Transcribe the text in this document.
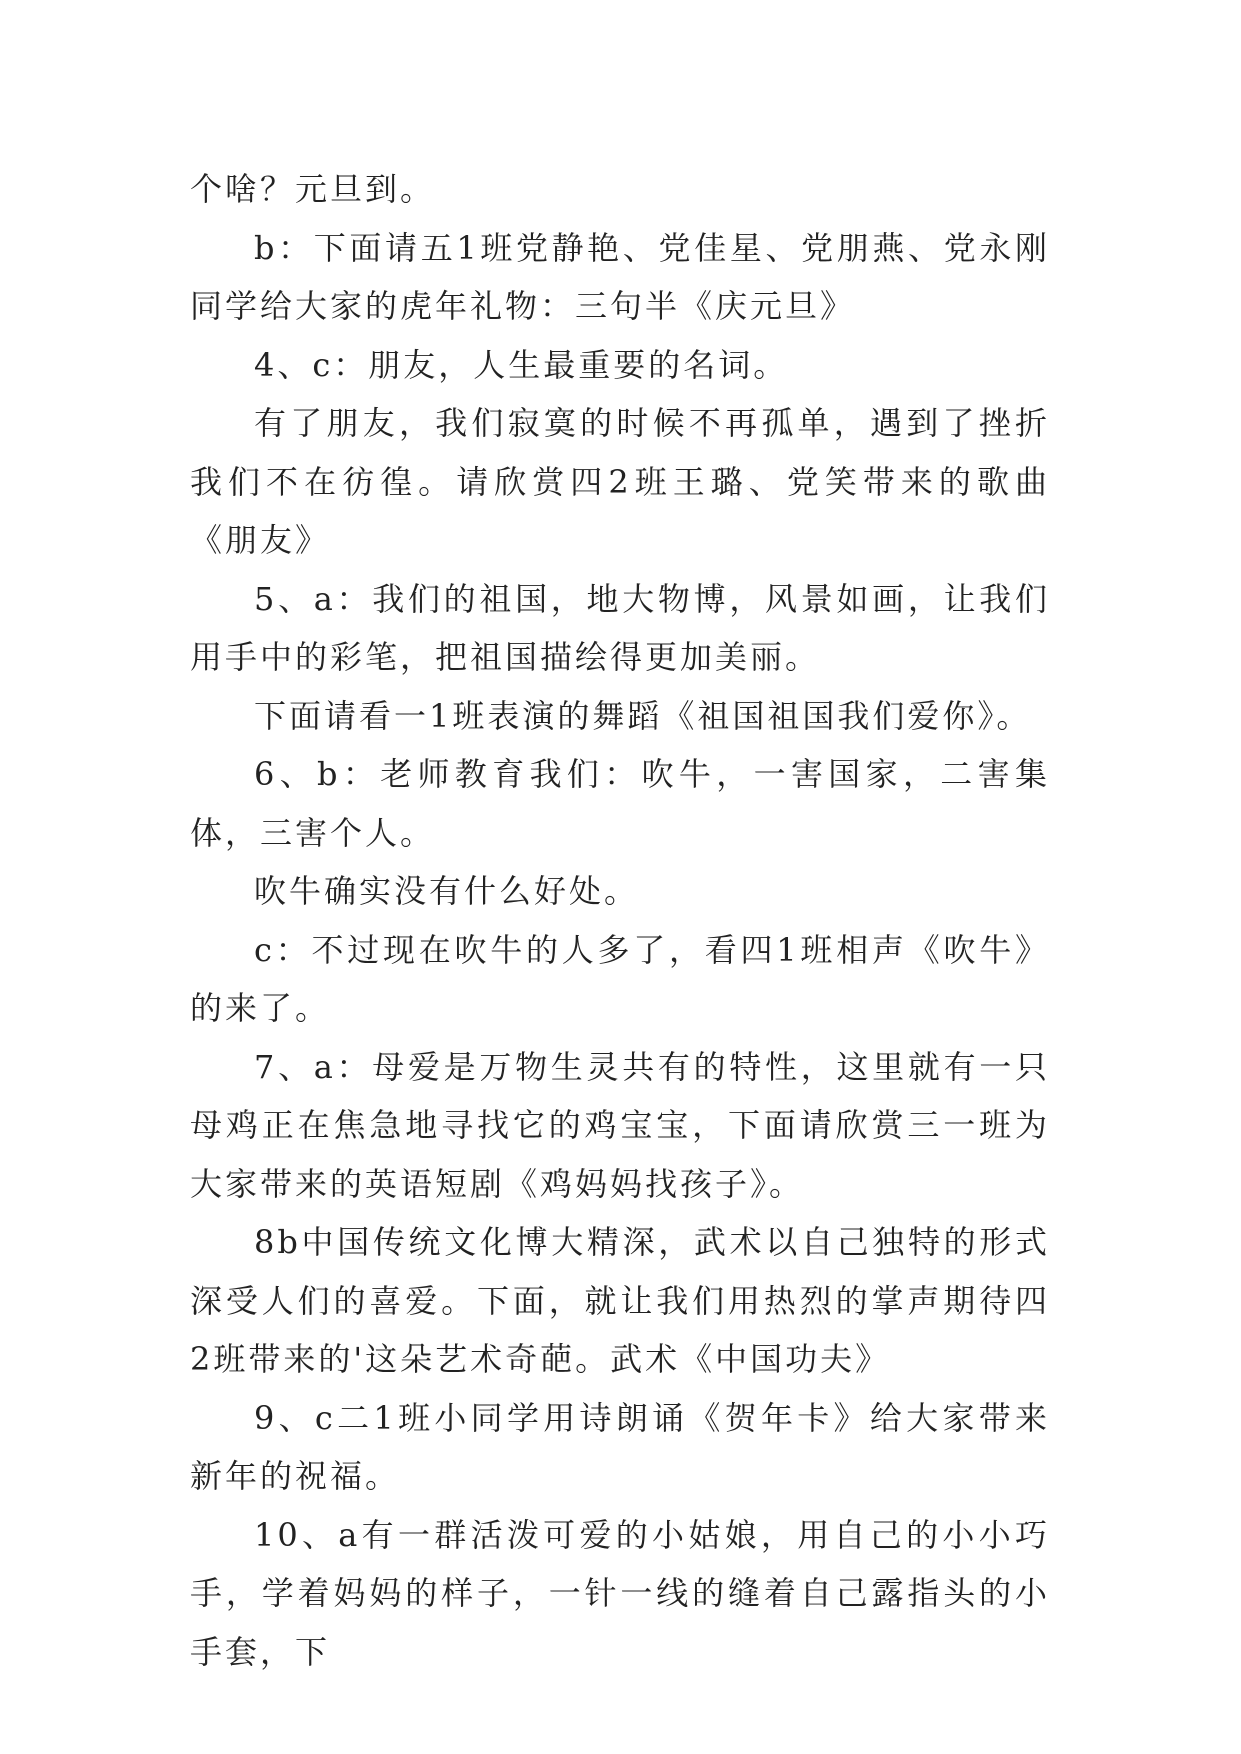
个啥？元旦到。

b：下面请五1班党静艳、党佳星、党朋燕、党永刚同学给大家的虎年礼物：三句半《庆元旦》

4、c：朋友，人生最重要的名词。

有了朋友，我们寂寞的时候不再孤单，遇到了挫折我们不在彷徨。请欣赏四2班王璐、党笑带来的歌曲《朋友》

5、a：我们的祖国，地大物博，风景如画，让我们用手中的彩笔，把祖国描绘得更加美丽。

下面请看一1班表演的舞蹈《祖国祖国我们爱你》。

6、b：老师教育我们：吹牛，一害国家，二害集体，三害个人。

吹牛确实没有什么好处。

c：不过现在吹牛的人多了，看四1班相声《吹牛》的来了。

7、a：母爱是万物生灵共有的特性，这里就有一只母鸡正在焦急地寻找它的鸡宝宝，下面请欣赏三一班为大家带来的英语短剧《鸡妈妈找孩子》。

8b中国传统文化博大精深，武术以自己独特的形式深受人们的喜爱。下面，就让我们用热烈的掌声期待四2班带来的'这朵艺术奇葩。武术《中国功夫》

9、c二1班小同学用诗朗诵《贺年卡》给大家带来新年的祝福。

10、a有一群活泼可爱的小姑娘，用自己的小小巧手，学着妈妈的样子，一针一线的缝着自己露指头的小手套，下
